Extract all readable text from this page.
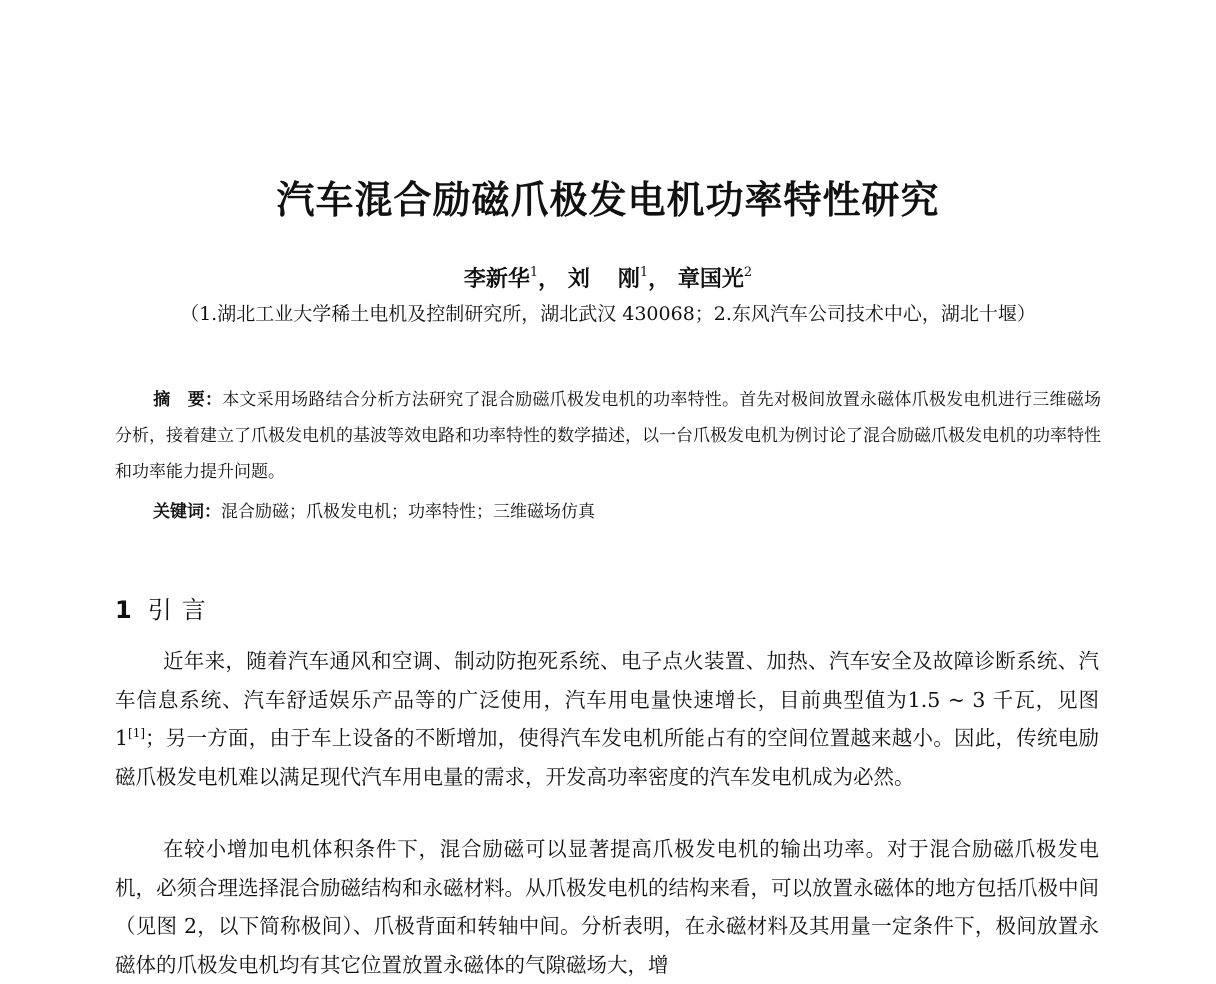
汽车混合励磁爪极发电机功率特性研究
李新华$^1$， 刘 刚$^1$， 章国光$^2$
（1.湖北工业大学稀土电机及控制研究所，湖北武汉 430068；2.东风汽车公司技术中心，湖北十堰）
摘　要：本文采用场路结合分析方法研究了混合励磁爪极发电机的功率特性。首先对极间放置永磁体爪极发电机进行三维磁场分析，接着建立了爪极发电机的基波等效电路和功率特性的数学描述，以一台爪极发电机为例讨论了混合励磁爪极发电机的功率特性和功率能力提升问题。
关键词：混合励磁；爪极发电机；功率特性；三维磁场仿真
1 引言

近年来，随着汽车通风和空调、制动防抱死系统、电子点火装置、加热、汽车安全及故障诊断系统、汽车信息系统、汽车舒适娱乐产品等的广泛使用，汽车用电量快速增长，目前典型值为1.5 ~ 3 千瓦，见图 1[1]；另一方面，由于车上设备的不断增加，使得汽车发电机所能占有的空间位置越来越小。因此，传统电励磁爪极发电机难以满足现代汽车用电量的需求，开发高功率密度的汽车发电机成为必然。

在较小增加电机体积条件下，混合励磁可以显著提高爪极发电机的输出功率。对于混合励磁爪极发电机，必须合理选择混合励磁结构和永磁材料。从爪极发电机的结构来看，可以放置永磁体的地方包括爪极中间（见图 2，以下简称极间）、爪极背面和转轴中间。分析表明，在永磁材料及其用量一定条件下，极间放置永磁体的爪极发电机均有其它位置放置永磁体的气隙磁场大，增
